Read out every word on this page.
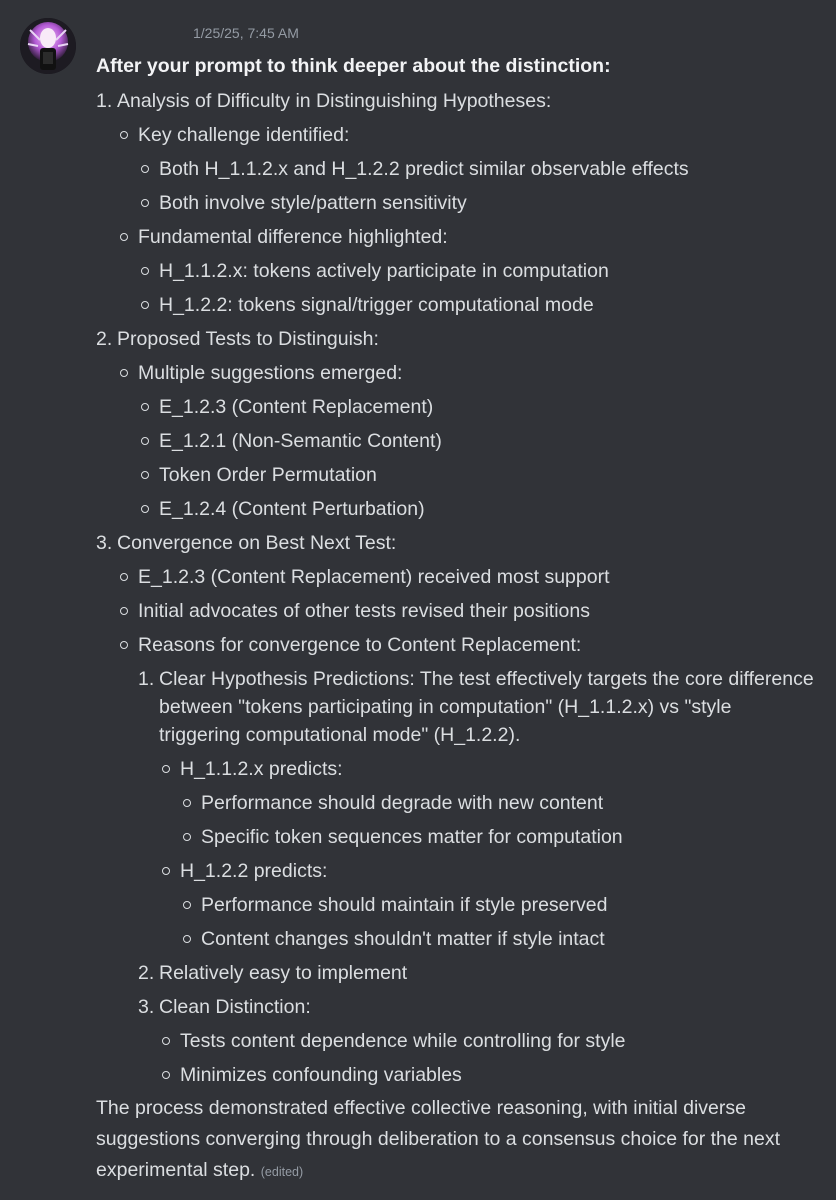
1/25/25, 7:45 AM
After your prompt to think deeper about the distinction:
1. Analysis of Difficulty in Distinguishing Hypotheses:
Key challenge identified:
Both H_1.1.2.x and H_1.2.2 predict similar observable effects
Both involve style/pattern sensitivity
Fundamental difference highlighted:
H_1.1.2.x: tokens actively participate in computation
H_1.2.2: tokens signal/trigger computational mode
2. Proposed Tests to Distinguish:
Multiple suggestions emerged:
E_1.2.3 (Content Replacement)
E_1.2.1 (Non-Semantic Content)
Token Order Permutation
E_1.2.4 (Content Perturbation)
3. Convergence on Best Next Test:
E_1.2.3 (Content Replacement) received most support
Initial advocates of other tests revised their positions
Reasons for convergence to Content Replacement:
1. Clear Hypothesis Predictions: The test effectively targets the core difference between "tokens participating in computation" (H_1.1.2.x) vs "style triggering computational mode" (H_1.2.2).
H_1.1.2.x predicts:
Performance should degrade with new content
Specific token sequences matter for computation
H_1.2.2 predicts:
Performance should maintain if style preserved
Content changes shouldn't matter if style intact
2. Relatively easy to implement
3. Clean Distinction:
Tests content dependence while controlling for style
Minimizes confounding variables
The process demonstrated effective collective reasoning, with initial diverse suggestions converging through deliberation to a consensus choice for the next experimental step. (edited)
